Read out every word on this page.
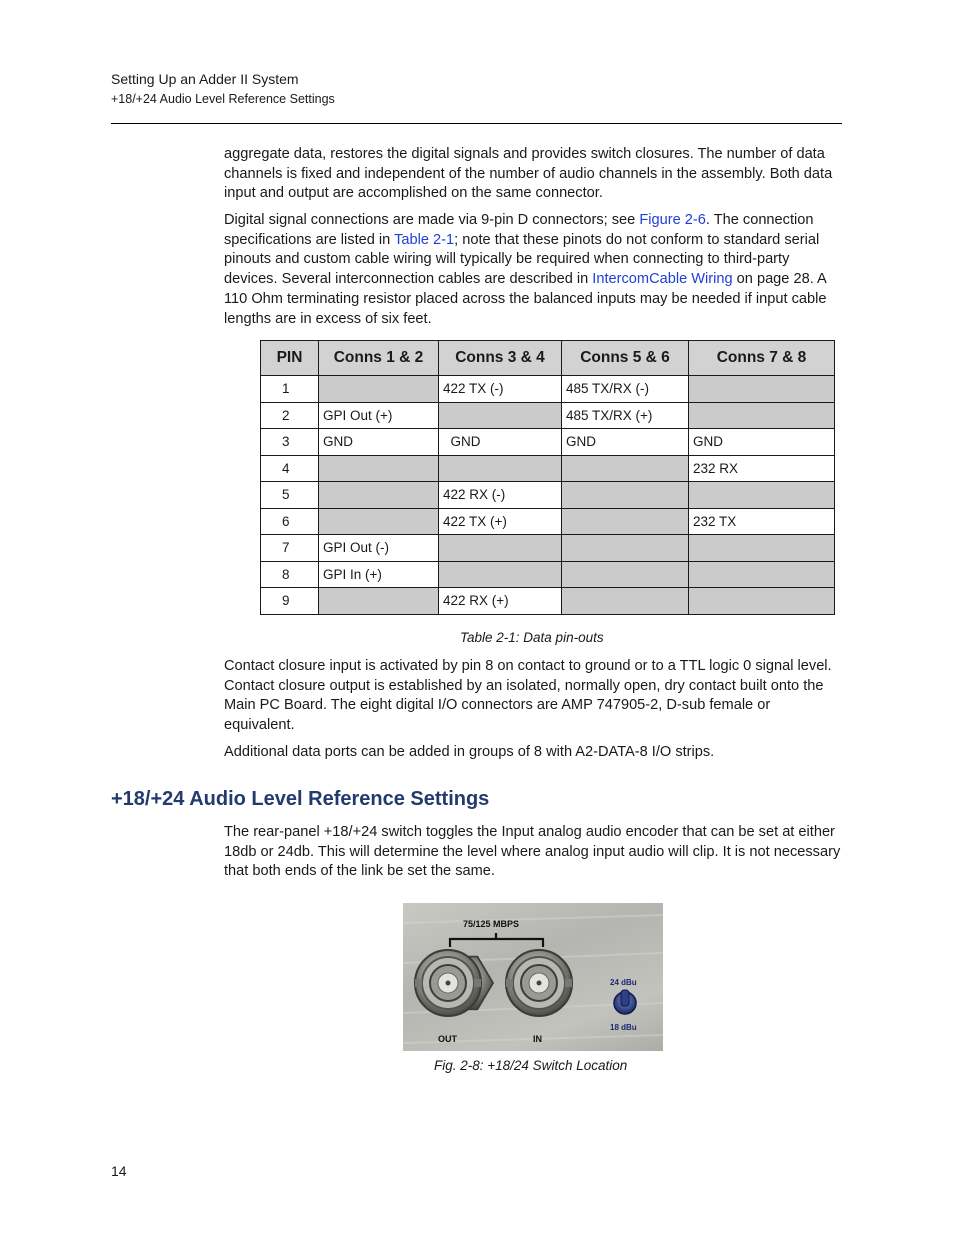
Setting Up an Adder II System
+18/+24 Audio Level Reference Settings

aggregate data, restores the digital signals and provides switch closures. The number of data channels is fixed and independent of the number of audio channels in the assembly. Both data input and output are accomplished on the same connector.

Digital signal connections are made via 9-pin D connectors; see Figure 2-6. The connection specifications are listed in Table 2-1; note that these pinots do not conform to standard serial pinouts and custom cable wiring will typically be required when connecting to third-party devices. Several interconnection cables are described in IntercomCable Wiring on page 28. A 110 Ohm terminating resistor placed across the balanced inputs may be needed if input cable lengths are in excess of six feet.

PIN	Conns 1 & 2	Conns 3 & 4	Conns 5 & 6	Conns 7 & 8
1		422 TX (-)	485 TX/RX (-)	
2	GPI Out (+)		485 TX/RX (+)	
3	GND	GND	GND	GND
4				232 RX
5		422 RX (-)		
6		422 TX (+)		232 TX
7	GPI Out (-)			
8	GPI In (+)			
9		422 RX (+)		
Table 2-1: Data pin-outs

Contact closure input is activated by pin 8 on contact to ground or to a TTL logic 0 signal level. Contact closure output is established by an isolated, normally open, dry contact built onto the Main PC Board. The eight digital I/O connectors are AMP 747905-2, D-sub female or equivalent.

Additional data ports can be added in groups of 8 with A2-DATA-8 I/O strips.

+18/+24 Audio Level Reference Settings

The rear-panel +18/+24 switch toggles the Input analog audio encoder that can be set at either 18db or 24db. This will determine the level where analog input audio will clip. It is not necessary that both ends of the link be set the same.

75/125 MBPS
OUT	IN
24 dBu
18 dBu
Fig. 2-8: +18/24 Switch Location
14
